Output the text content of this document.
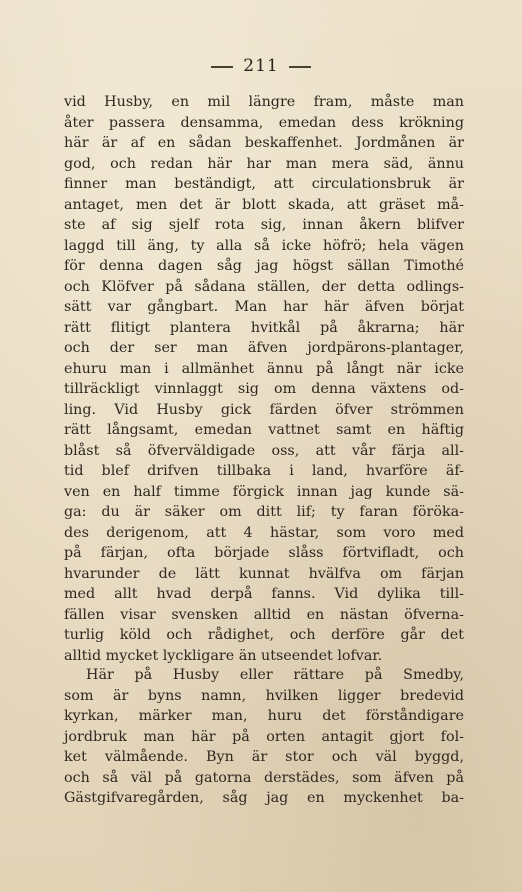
211
vid Husby, en mil längre fram, måste man
åter passera densamma, emedan dess krökning
här är af en sådan beskaffenhet. Jordmånen är
god, och redan här har man mera säd, ännu
finner man beständigt, att circulationsbruk är
antaget, men det är blott skada, att gräset må-
ste af sig sjelf rota sig, innan åkern blifver
laggd till äng, ty alla så icke höfrö; hela vägen
för denna dagen såg jag högst sällan Timothé
och Klöfver på sådana ställen, der detta odlings-
sätt var gångbart. Man har här äfven börjat
rätt flitigt plantera hvitkål på åkrarna; här
och der ser man äfven jordpärons-plantager,
ehuru man i allmänhet ännu på långt när icke
tillräckligt vinnlaggt sig om denna växtens od-
ling. Vid Husby gick färden öfver strömmen
rätt långsamt, emedan vattnet samt en häftig
blåst så öfverväldigade oss, att vår färja all-
tid blef drifven tillbaka i land, hvarföre äf-
ven en half timme förgick innan jag kunde sä-
ga: du är säker om ditt lif; ty faran föröka-
des derigenom, att 4 hästar, som voro med
på färjan, ofta började slåss förtvifladt, och
hvarunder de lätt kunnat hvälfva om färjan
med allt hvad derpå fanns. Vid dylika till-
fällen visar svensken alltid en nästan öfverna-
turlig köld och rådighet, och derföre går det
alltid mycket lyckligare än utseendet lofvar.
Här på Husby eller rättare på Smedby,
som är byns namn, hvilken ligger bredevid
kyrkan, märker man, huru det förståndigare
jordbruk man här på orten antagit gjort fol-
ket välmående. Byn är stor och väl byggd,
och så väl på gatorna derstädes, som äfven på
Gästgifvaregården, såg jag en myckenhet ba-
